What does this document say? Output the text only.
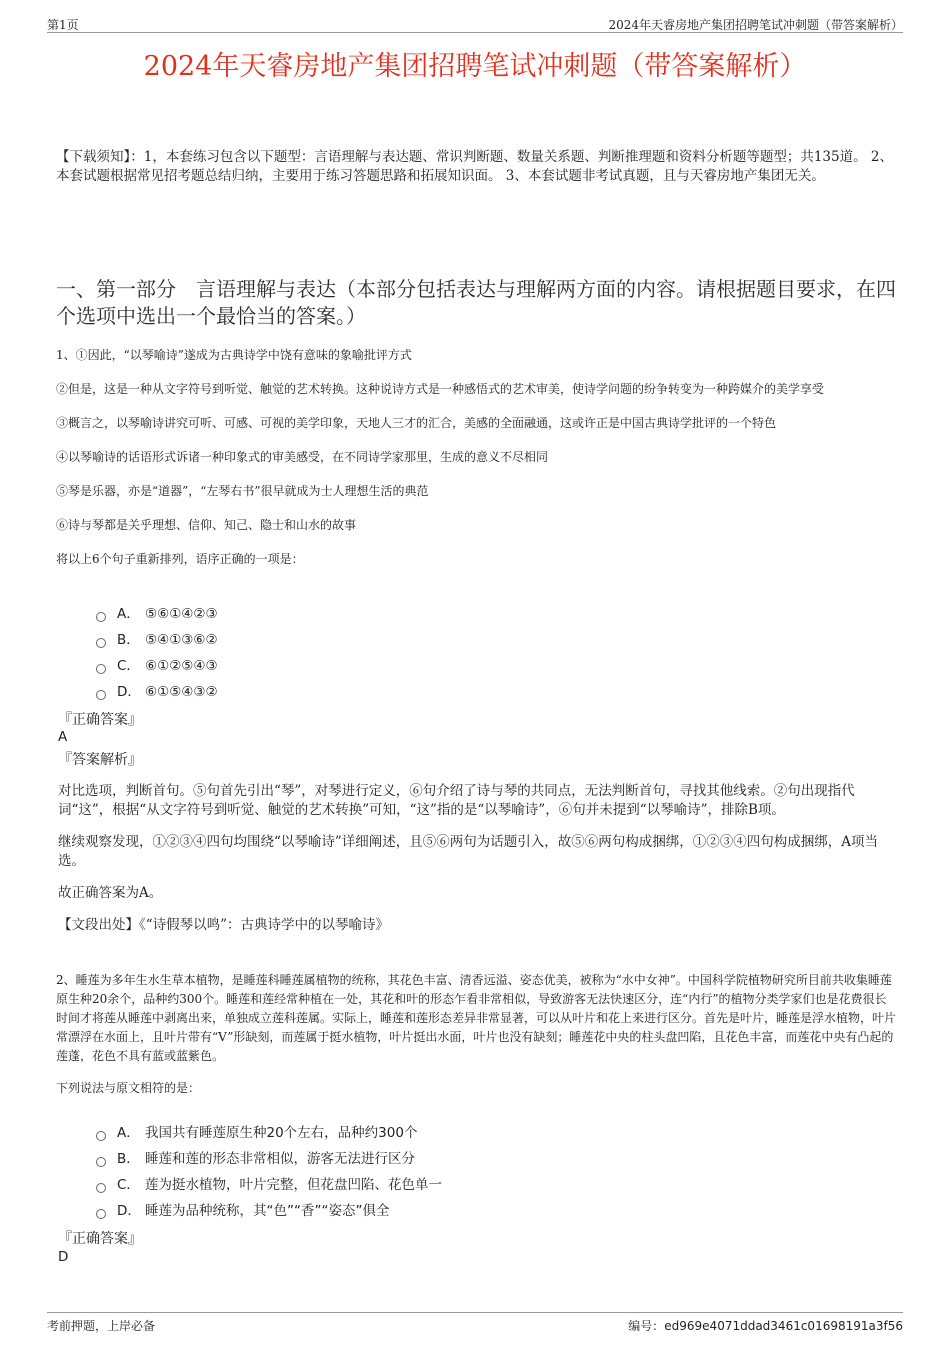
第1页	2024年天睿房地产集团招聘笔试冲刺题（带答案解析）
2024年天睿房地产集团招聘笔试冲刺题（带答案解析）
【下载须知】：1，本套练习包含以下题型：言语理解与表达题、常识判断题、数量关系题、判断推理题和资料分析题等题型；共135道。 2、本套试题根据常见招考题总结归纳，主要用于练习答题思路和拓展知识面。 3、本套试题非考试真题，且与天睿房地产集团无关。
一、第一部分　言语理解与表达（本部分包括表达与理解两方面的内容。请根据题目要求，在四个选项中选出一个最恰当的答案。）

1、①因此，“以琴喻诗”遂成为古典诗学中饶有意味的象喻批评方式

②但是，这是一种从文字符号到听觉、触觉的艺术转换。这种说诗方式是一种感悟式的艺术审美，使诗学问题的纷争转变为一种跨媒介的美学享受

③概言之，以琴喻诗讲究可听、可感、可视的美学印象，天地人三才的汇合，美感的全面融通，这或许正是中国古典诗学批评的一个特色

④以琴喻诗的话语形式诉诸一种印象式的审美感受，在不同诗学家那里，生成的意义不尽相同

⑤琴是乐器，亦是“道器”，“左琴右书”很早就成为士人理想生活的典范

⑥诗与琴都是关乎理想、信仰、知己、隐士和山水的故事

将以上6个句子重新排列，语序正确的一项是：

A． ⑤⑥①④②③
B． ⑤④①③⑥②
C． ⑥①②⑤④③
D． ⑥①⑤④③②
『正确答案』
A
『答案解析』

对比选项，判断首句。⑤句首先引出“琴”，对琴进行定义，⑥句介绍了诗与琴的共同点，无法判断首句，寻找其他线索。②句出现指代词“这”，根据“从文字符号到听觉、触觉的艺术转换”可知，“这”指的是“以琴喻诗”，⑥句并未提到“以琴喻诗”，排除B项。

继续观察发现，①②③④四句均围绕“以琴喻诗”详细阐述，且⑤⑥两句为话题引入，故⑤⑥两句构成捆绑，①②③④四句构成捆绑，A项当选。

故正确答案为A。

【文段出处】《“诗假琴以鸣”：古典诗学中的以琴喻诗》

2、睡莲为多年生水生草本植物，是睡莲科睡莲属植物的统称，其花色丰富、清香远溢、姿态优美，被称为“水中女神”。中国科学院植物研究所目前共收集睡莲原生种20余个，品种约300个。睡莲和莲经常种植在一处，其花和叶的形态乍看非常相似，导致游客无法快速区分，连“内行”的植物分类学家们也是花费很长时间才将莲从睡莲中剥离出来，单独成立莲科莲属。实际上，睡莲和莲形态差异非常显著，可以从叶片和花上来进行区分。首先是叶片，睡莲是浮水植物，叶片常漂浮在水面上，且叶片带有“V”形缺刻，而莲属于挺水植物，叶片挺出水面，叶片也没有缺刻；睡莲花中央的柱头盘凹陷，且花色丰富，而莲花中央有凸起的莲蓬，花色不具有蓝或蓝紫色。

下列说法与原文相符的是：

A． 我国共有睡莲原生种20个左右，品种约300个
B． 睡莲和莲的形态非常相似，游客无法进行区分
C． 莲为挺水植物，叶片完整，但花盘凹陷、花色单一
D． 睡莲为品种统称，其“色”“香”“姿态”俱全
『正确答案』
D
考前押题，上岸必备	编号：ed969e4071ddad3461c01698191a3f56
